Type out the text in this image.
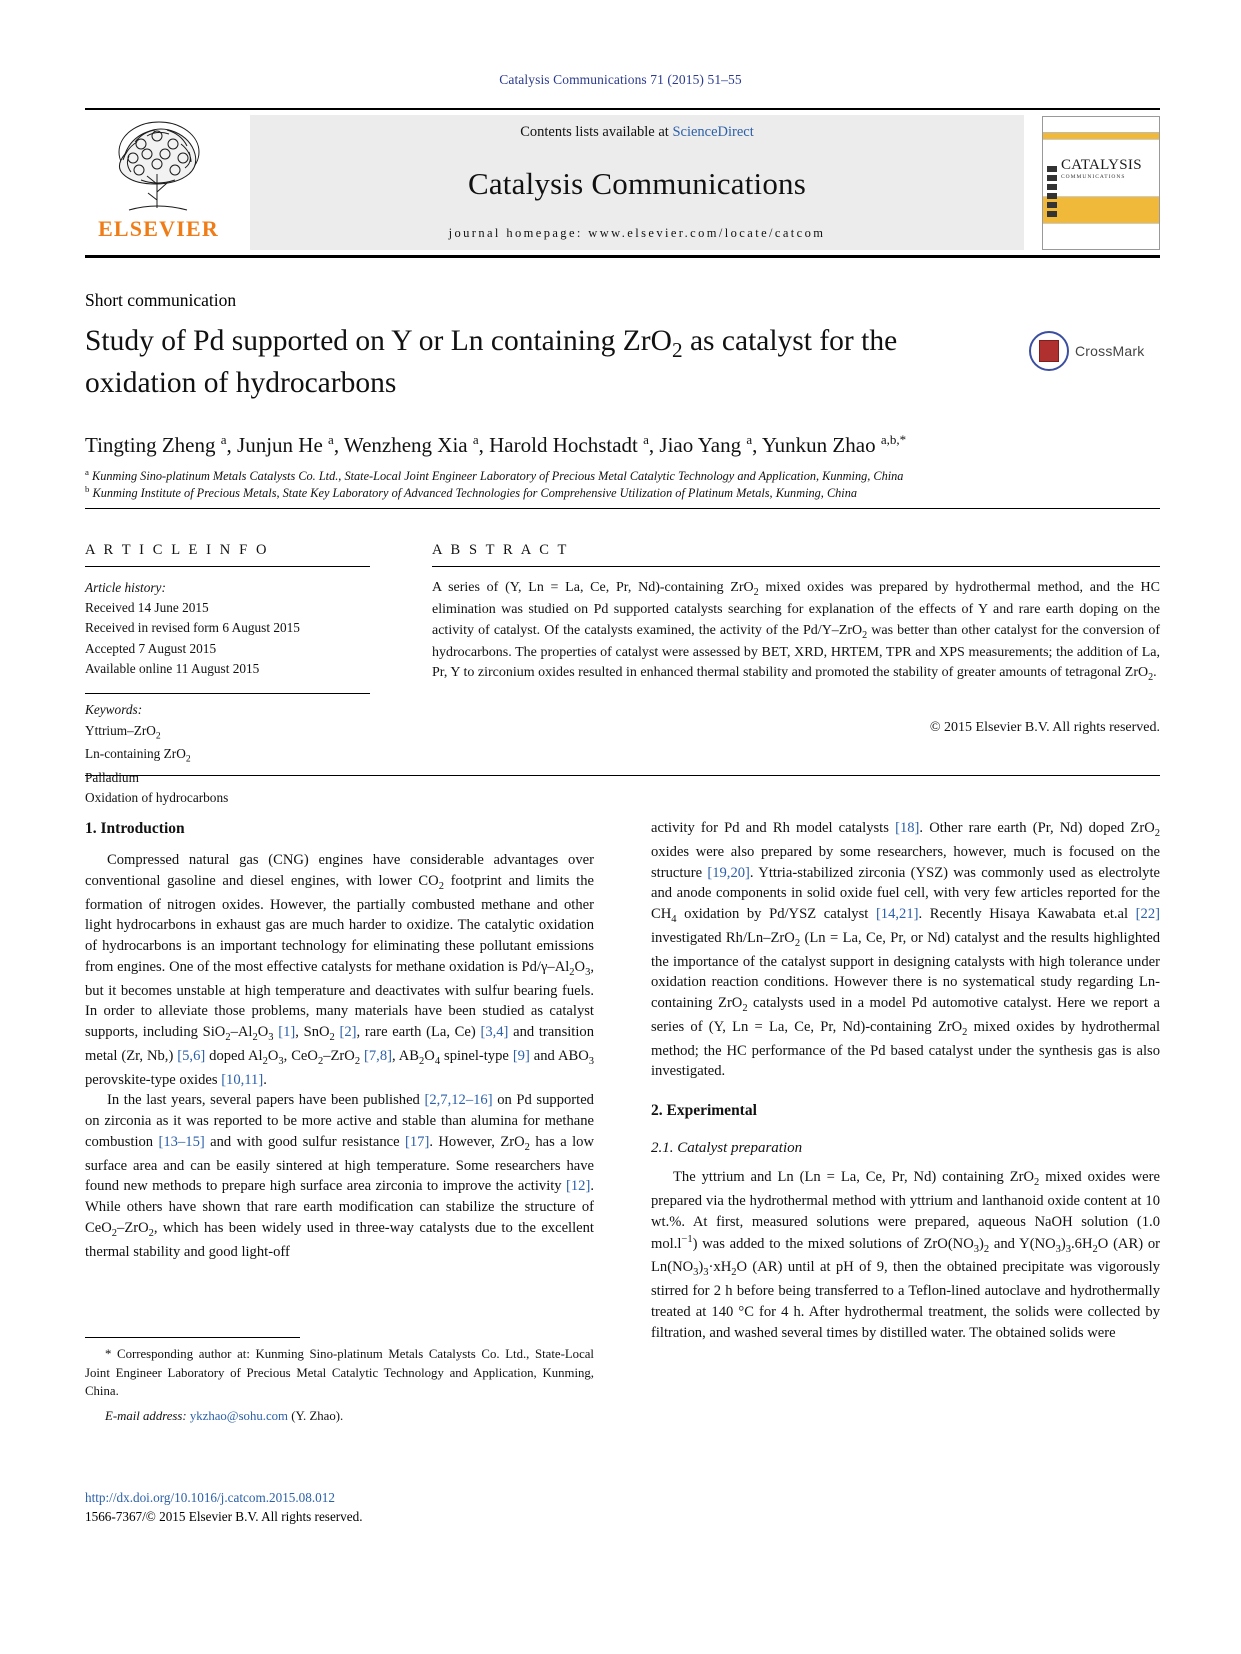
Catalysis Communications 71 (2015) 51–55
ELSEVIER
Contents lists available at ScienceDirect
Catalysis Communications
journal homepage: www.elsevier.com/locate/catcom
CATALYSIS
COMMUNICATIONS
Short communication
Study of Pd supported on Y or Ln containing ZrO$_2$ as catalyst for the
oxidation of hydrocarbons
CrossMark
Tingting Zheng $^a$, Junjun He $^a$, Wenzheng Xia $^a$, Harold Hochstadt $^a$, Jiao Yang $^a$, Yunkun Zhao $^{a,b,*}$
$^a$ Kunming Sino-platinum Metals Catalysts Co. Ltd., State-Local Joint Engineer Laboratory of Precious Metal Catalytic Technology and Application, Kunming, China
$^b$ Kunming Institute of Precious Metals, State Key Laboratory of Advanced Technologies for Comprehensive Utilization of Platinum Metals, Kunming, China
A R T I C L E I N F O
Article history:
Received 14 June 2015
Received in revised form 6 August 2015
Accepted 7 August 2015
Available online 11 August 2015
Keywords:
Yttrium–ZrO$_2$
Ln-containing ZrO$_2$
Palladium
Oxidation of hydrocarbons
A B S T R A C T
A series of (Y, Ln = La, Ce, Pr, Nd)-containing ZrO$_2$ mixed oxides was prepared by hydrothermal method, and the HC elimination was studied on Pd supported catalysts searching for explanation of the effects of Y and rare earth doping on the activity of catalyst. Of the catalysts examined, the activity of the Pd/Y–ZrO$_2$ was better than other catalyst for the conversion of hydrocarbons. The properties of catalyst were assessed by BET, XRD, HRTEM, TPR and XPS measurements; the addition of La, Pr, Y to zirconium oxides resulted in enhanced thermal stability and promoted the stability of greater amounts of tetragonal ZrO$_2$.
© 2015 Elsevier B.V. All rights reserved.
1. Introduction

Compressed natural gas (CNG) engines have considerable advantages over conventional gasoline and diesel engines, with lower $CO_2$ footprint and limits the formation of nitrogen oxides. However, the partially combusted methane and other light hydrocarbons in exhaust gas are much harder to oxidize. The catalytic oxidation of hydrocarbons is an important technology for eliminating these pollutant emissions from engines. One of the most effective catalysts for methane oxidation is $Pd/\gamma-Al_2O_3$, but it becomes unstable at high temperature and deactivates with sulfur bearing fuels. In order to alleviate those problems, many materials have been studied as catalyst supports, including $SiO_2-Al_2O_3$ [1], SnO$_2$ [2], rare earth (La, Ce) [3,4] and transition metal (Zr, Nb,) [5,6] doped $Al_2O_3$, CeO$_2$–ZrO$_2$ [7,8], $AB_2O_4$ spinel-type [9] and $ABO_3$ perovskite-type oxides [10,11].

In the last years, several papers have been published [2,7,12–16] on Pd supported on zirconia as it was reported to be more active and stable than alumina for methane combustion [13–15] and with good sulfur resistance [17]. However, ZrO$_2$ has a low surface area and can be easily sintered at high temperature. Some researchers have found new methods to prepare high surface area zirconia to improve the activity [12]. While others have shown that rare earth modification can stabilize the structure of CeO$_2$–ZrO$_2$, which has been widely used in three-way catalysts due to the excellent thermal stability and good light-off

activity for Pd and Rh model catalysts [18]. Other rare earth (Pr, Nd) doped ZrO$_2$ oxides were also prepared by some researchers, however, much is focused on the structure [19,20]. Yttria-stabilized zirconia (YSZ) was commonly used as electrolyte and anode components in solid oxide fuel cell, with very few articles reported for the $CH_4$ oxidation by Pd/YSZ catalyst [14,21]. Recently Hisaya Kawabata et.al [22] investigated Rh/Ln–ZrO$_2$ (Ln = La, Ce, Pr, or Nd) catalyst and the results highlighted the importance of the catalyst support in designing catalysts with high tolerance under oxidation reaction conditions. However there is no systematical study regarding Ln-containing ZrO$_2$ catalysts used in a model Pd automotive catalyst. Here we report a series of (Y, Ln = La, Ce, Pr, Nd)-containing ZrO$_2$ mixed oxides by hydrothermal method; the HC performance of the Pd based catalyst under the synthesis gas is also investigated.

2. Experimental
2.1. Catalyst preparation

The yttrium and Ln (Ln = La, Ce, Pr, Nd) containing ZrO$_2$ mixed oxides were prepared via the hydrothermal method with yttrium and lanthanoid oxide content at 10 wt.%. At first, measured solutions were prepared, aqueous NaOH solution (1.0 $mol.l^{-1}$) was added to the mixed solutions of $ZrO(NO_3)_2$ and $Y(NO_3)_3.6H_2O$ (AR) or $Ln(NO_3)_3\cdot xH_2O$ (AR) until at pH of 9, then the obtained precipitate was vigorously stirred for 2 h before being transferred to a Teflon-lined autoclave and hydrothermally treated at 140 °C for 4 h. After hydrothermal treatment, the solids were collected by filtration, and washed several times by distilled water. The obtained solids were

* Corresponding author at: Kunming Sino-platinum Metals Catalysts Co. Ltd., State-Local Joint Engineer Laboratory of Precious Metal Catalytic Technology and Application, Kunming, China.
E-mail address: ykzhao@sohu.com (Y. Zhao).
http://dx.doi.org/10.1016/j.catcom.2015.08.012
1566-7367/© 2015 Elsevier B.V. All rights reserved.
